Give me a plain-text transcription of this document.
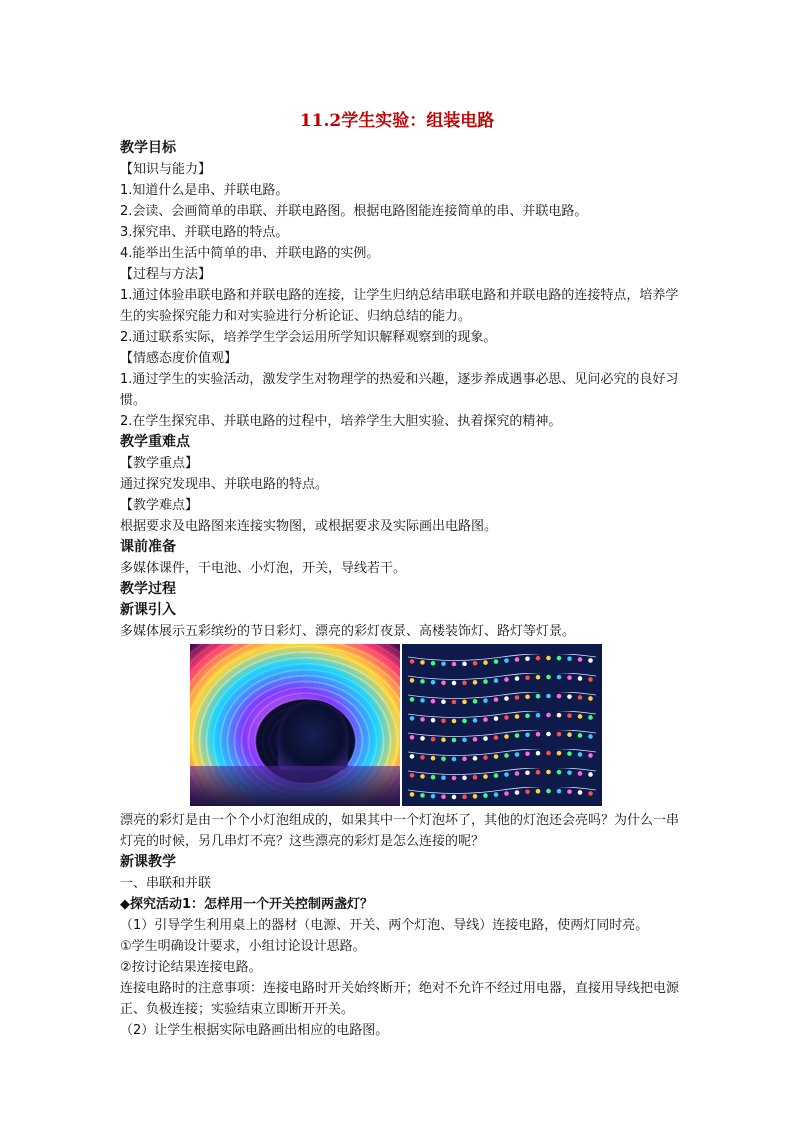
11.2学生实验：组装电路

教学目标

【知识与能力】

1.知道什么是串、并联电路。

2.会读、会画简单的串联、并联电路图。根据电路图能连接简单的串、并联电路。

3.探究串、并联电路的特点。

4.能举出生活中简单的串、并联电路的实例。

【过程与方法】

1.通过体验串联电路和并联电路的连接，让学生归纳总结串联电路和并联电路的连接特点，培养学生的实验探究能力和对实验进行分析论证、归纳总结的能力。

2.通过联系实际，培养学生学会运用所学知识解释观察到的现象。

【情感态度价值观】

1.通过学生的实验活动，激发学生对物理学的热爱和兴趣，逐步养成遇事必思、见问必究的良好习惯。

2.在学生探究串、并联电路的过程中，培养学生大胆实验、执着探究的精神。

教学重难点

【教学重点】

通过探究发现串、并联电路的特点。

【教学难点】

根据要求及电路图来连接实物图，或根据要求及实际画出电路图。

课前准备

多媒体课件，干电池、小灯泡，开关，导线若干。

教学过程

新课引入

多媒体展示五彩缤纷的节日彩灯、漂亮的彩灯夜景、高楼装饰灯、路灯等灯景。

漂亮的彩灯是由一个个小灯泡组成的，如果其中一个灯泡坏了，其他的灯泡还会亮吗？为什么一串灯亮的时候，另几串灯不亮？这些漂亮的彩灯是怎么连接的呢？

新课教学

一、串联和并联

◆探究活动1：怎样用一个开关控制两盏灯？

（1）引导学生利用桌上的器材（电源、开关、两个灯泡、导线）连接电路，使两灯同时亮。

①学生明确设计要求，小组讨论设计思路。

②按讨论结果连接电路。

连接电路时的注意事项：连接电路时开关始终断开；绝对不允许不经过用电器，直接用导线把电源正、负极连接；实验结束立即断开开关。

（2）让学生根据实际电路画出相应的电路图。
